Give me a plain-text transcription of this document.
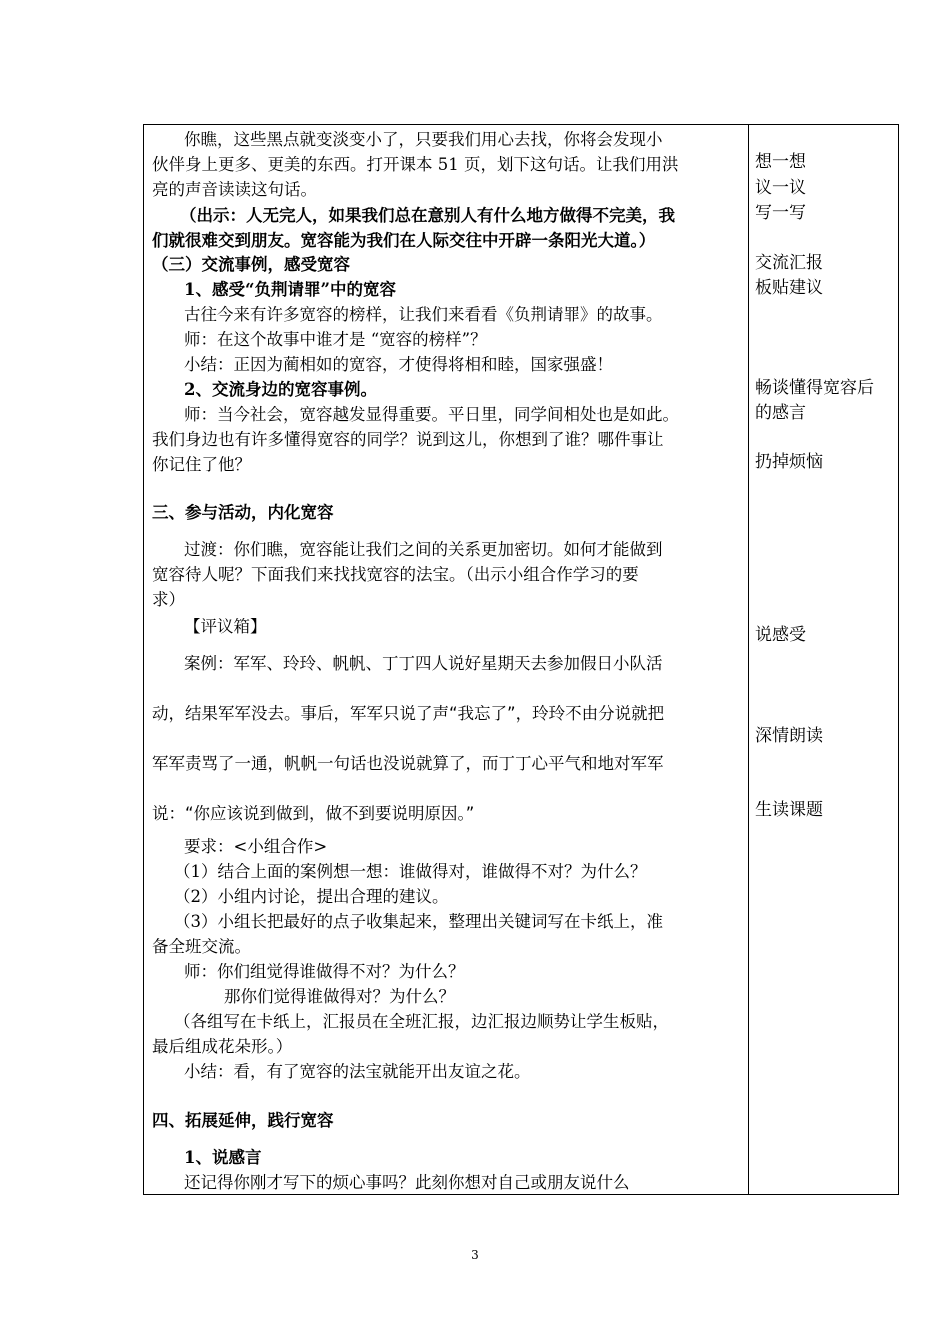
你瞧，这些黑点就变淡变小了，只要我们用心去找，你将会发现小
伙伴身上更多、更美的东西。打开课本 51 页，划下这句话。让我们用洪
亮的声音读读这句话。
（出示：人无完人，如果我们总在意别人有什么地方做得不完美，我
们就很难交到朋友。宽容能为我们在人际交往中开辟一条阳光大道。）
（三）交流事例，感受宽容
1、感受“负荆请罪”中的宽容
古往今来有许多宽容的榜样，让我们来看看《负荆请罪》的故事。
师：在这个故事中谁才是 “宽容的榜样”？
小结：正因为蔺相如的宽容，才使得将相和睦，国家强盛！
2、交流身边的宽容事例。
师：当今社会，宽容越发显得重要。平日里，同学间相处也是如此。
我们身边也有许多懂得宽容的同学？说到这儿，你想到了谁？哪件事让
你记住了他？
三、参与活动，内化宽容
过渡：你们瞧，宽容能让我们之间的关系更加密切。如何才能做到
宽容待人呢？下面我们来找找宽容的法宝。（出示小组合作学习的要
求）
【评议箱】
案例：军军、玲玲、帆帆、丁丁四人说好星期天去参加假日小队活
动，结果军军没去。事后，军军只说了声“我忘了”，玲玲不由分说就把
军军责骂了一通，帆帆一句话也没说就算了，而丁丁心平气和地对军军
说：“你应该说到做到，做不到要说明原因。”
要求：<小组合作>
（1）结合上面的案例想一想：谁做得对，谁做得不对？为什么？
（2）小组内讨论，提出合理的建议。
（3）小组长把最好的点子收集起来，整理出关键词写在卡纸上，准
备全班交流。
师：你们组觉得谁做得不对？为什么？
那你们觉得谁做得对？为什么？
（各组写在卡纸上，汇报员在全班汇报，边汇报边顺势让学生板贴，
最后组成花朵形。）
小结：看，有了宽容的法宝就能开出友谊之花。
四、拓展延伸，践行宽容
1、说感言
还记得你刚才写下的烦心事吗？此刻你想对自己或朋友说什么
想一想
议一议
写一写
交流汇报
板贴建议
畅谈懂得宽容后
的感言
扔掉烦恼
说感受
深情朗读
生读课题
3
